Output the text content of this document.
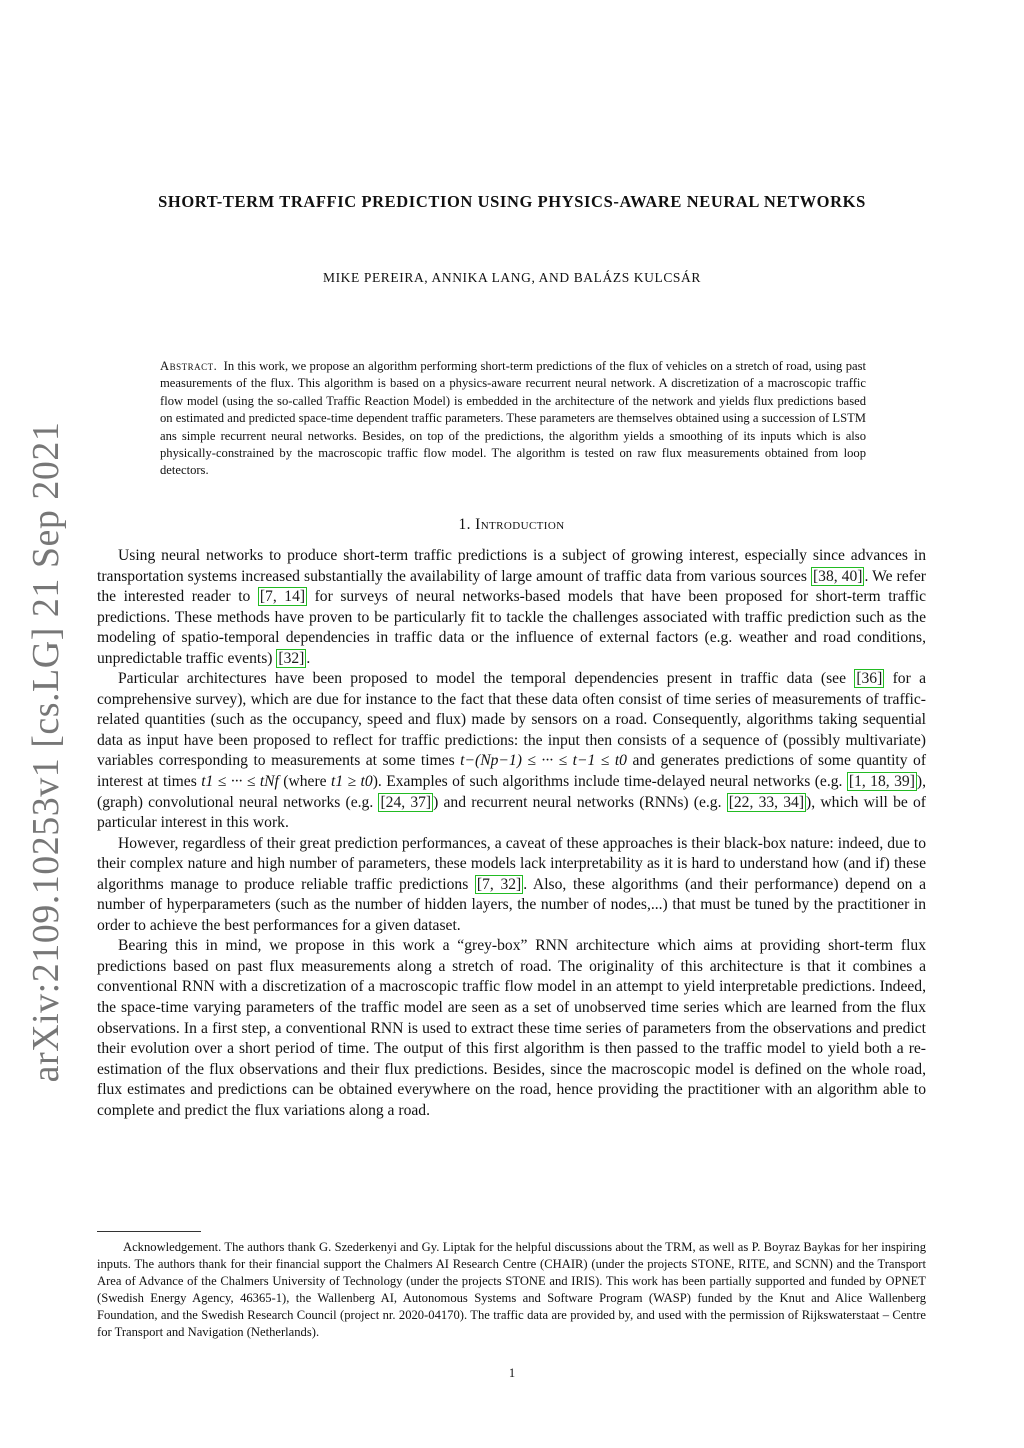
arXiv:2109.10253v1 [cs.LG] 21 Sep 2021
SHORT-TERM TRAFFIC PREDICTION USING PHYSICS-AWARE NEURAL NETWORKS
MIKE PEREIRA, ANNIKA LANG, AND BALÁZS KULCSÁR
Abstract. In this work, we propose an algorithm performing short-term predictions of the flux of vehicles on a stretch of road, using past measurements of the flux. This algorithm is based on a physics-aware recurrent neural network. A discretization of a macroscopic traffic flow model (using the so-called Traffic Reaction Model) is embedded in the architecture of the network and yields flux predictions based on estimated and predicted space-time dependent traffic parameters. These parameters are themselves obtained using a succession of LSTM ans simple recurrent neural networks. Besides, on top of the predictions, the algorithm yields a smoothing of its inputs which is also physically-constrained by the macroscopic traffic flow model. The algorithm is tested on raw flux measurements obtained from loop detectors.
1. Introduction

Using neural networks to produce short-term traffic predictions is a subject of growing interest, especially since advances in transportation systems increased substantially the availability of large amount of traffic data from various sources [38, 40] . We refer the interested reader to [7, 14] for surveys of neural networks-based models that have been proposed for short-term traffic predictions. These methods have proven to be particularly fit to tackle the challenges associated with traffic prediction such as the modeling of spatio-temporal dependencies in traffic data or the influence of external factors (e.g. weather and road conditions, unpredictable traffic events) [32] .

Particular architectures have been proposed to model the temporal dependencies present in traffic data (see [36] for a comprehensive survey), which are due for instance to the fact that these data often consist of time series of measurements of traffic-related quantities (such as the occupancy, speed and flux) made by sensors on a road. Consequently, algorithms taking sequential data as input have been proposed to reflect for traffic predictions: the input then consists of a sequence of (possibly multivariate) variables corresponding to measurements at some times t−(Np−1) ≤ ··· ≤ t−1 ≤ t0 and generates predictions of some quantity of interest at times t1 ≤ ··· ≤ tNf (where t1 ≥ t0). Examples of such algorithms include time-delayed neural networks (e.g. [1, 18, 39] ), (graph) convolutional neural networks (e.g. [24, 37] ) and recurrent neural networks (RNNs) (e.g. [22, 33, 34] ), which will be of particular interest in this work.

However, regardless of their great prediction performances, a caveat of these approaches is their black-box nature: indeed, due to their complex nature and high number of parameters, these models lack interpretability as it is hard to understand how (and if) these algorithms manage to produce reliable traffic predictions [7, 32] . Also, these algorithms (and their performance) depend on a number of hyperparameters (such as the number of hidden layers, the number of nodes,...) that must be tuned by the practitioner in order to achieve the best performances for a given dataset.

Bearing this in mind, we propose in this work a “grey-box” RNN architecture which aims at providing short-term flux predictions based on past flux measurements along a stretch of road. The originality of this architecture is that it combines a conventional RNN with a discretization of a macroscopic traffic flow model in an attempt to yield interpretable predictions. Indeed, the space-time varying parameters of the traffic model are seen as a set of unobserved time series which are learned from the flux observations. In a first step, a conventional RNN is used to extract these time series of parameters from the observations and predict their evolution over a short period of time. The output of this first algorithm is then passed to the traffic model to yield both a re-estimation of the flux observations and their flux predictions. Besides, since the macroscopic model is defined on the whole road, flux estimates and predictions can be obtained everywhere on the road, hence providing the practitioner with an algorithm able to complete and predict the flux variations along a road.

Acknowledgement. The authors thank G. Szederkenyi and Gy. Liptak for the helpful discussions about the TRM, as well as P. Boyraz Baykas for her inspiring inputs. The authors thank for their financial support the Chalmers AI Research Centre (CHAIR) (under the projects STONE, RITE, and SCNN) and the Transport Area of Advance of the Chalmers University of Technology (under the projects STONE and IRIS). This work has been partially supported and funded by OPNET (Swedish Energy Agency, 46365-1), the Wallenberg AI, Autonomous Systems and Software Program (WASP) funded by the Knut and Alice Wallenberg Foundation, and the Swedish Research Council (project nr. 2020-04170). The traffic data are provided by, and used with the permission of Rijkswaterstaat – Centre for Transport and Navigation (Netherlands).

1
